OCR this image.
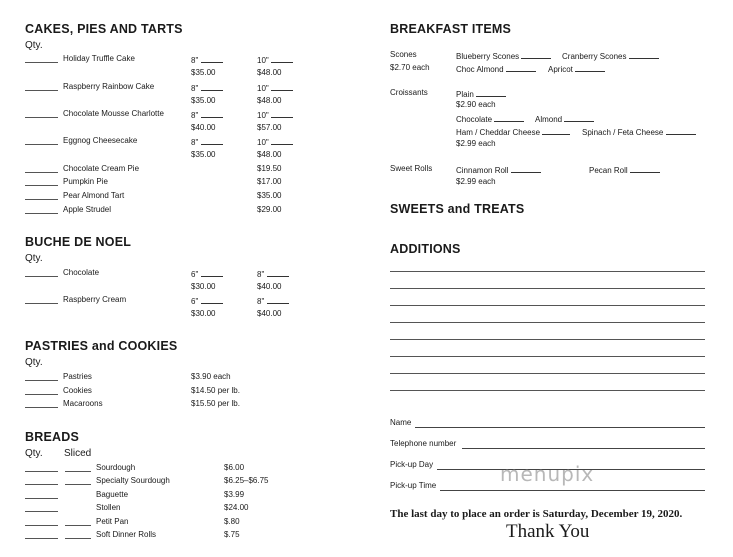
CAKES, PIES AND TARTS
Qty.
Holiday Truffle Cake	8"	10"
$35.00	$48.00
Raspberry Rainbow Cake	8"	10"
$35.00	$48.00
Chocolate Mousse Charlotte	8"	10"
$40.00	$57.00
Eggnog Cheesecake	8"	10"
$35.00	$48.00
Chocolate Cream Pie	$19.50
Pumpkin Pie	$17.00
Pear Almond Tart	$35.00
Apple Strudel	$29.00
BUCHE DE NOEL
Qty.
Chocolate	6"	8"
$30.00	$40.00
Raspberry Cream	6"	8"
$30.00	$40.00
PASTRIES and COOKIES
Qty.
Pastries	$3.90 each
Cookies	$14.50 per lb.
Macaroons	$15.50 per lb.
BREADS
Qty. Sliced
Sourdough	$6.00
Specialty Sourdough	$6.25–$6.75
Baguette	$3.99
Stollen	$24.00
Petit Pan	$.80
Soft Dinner Rolls	$.75
BREAKFAST ITEMS
Scones
$2.70 each
Blueberry Scones	Cranberry Scones
Choc Almond	Apricot
Croissants	Plain
$2.90 each
Chocolate	Almond
Ham / Cheddar Cheese	Spinach / Feta Cheese
$2.99 each
Sweet Rolls	Cinnamon Roll	Pecan Roll
$2.99 each
SWEETS and TREATS
ADDITIONS
Name
Telephone number
Pick-up Day
Pick-up Time	menupix
The last day to place an order is Saturday, December 19, 2020.
Thank You
